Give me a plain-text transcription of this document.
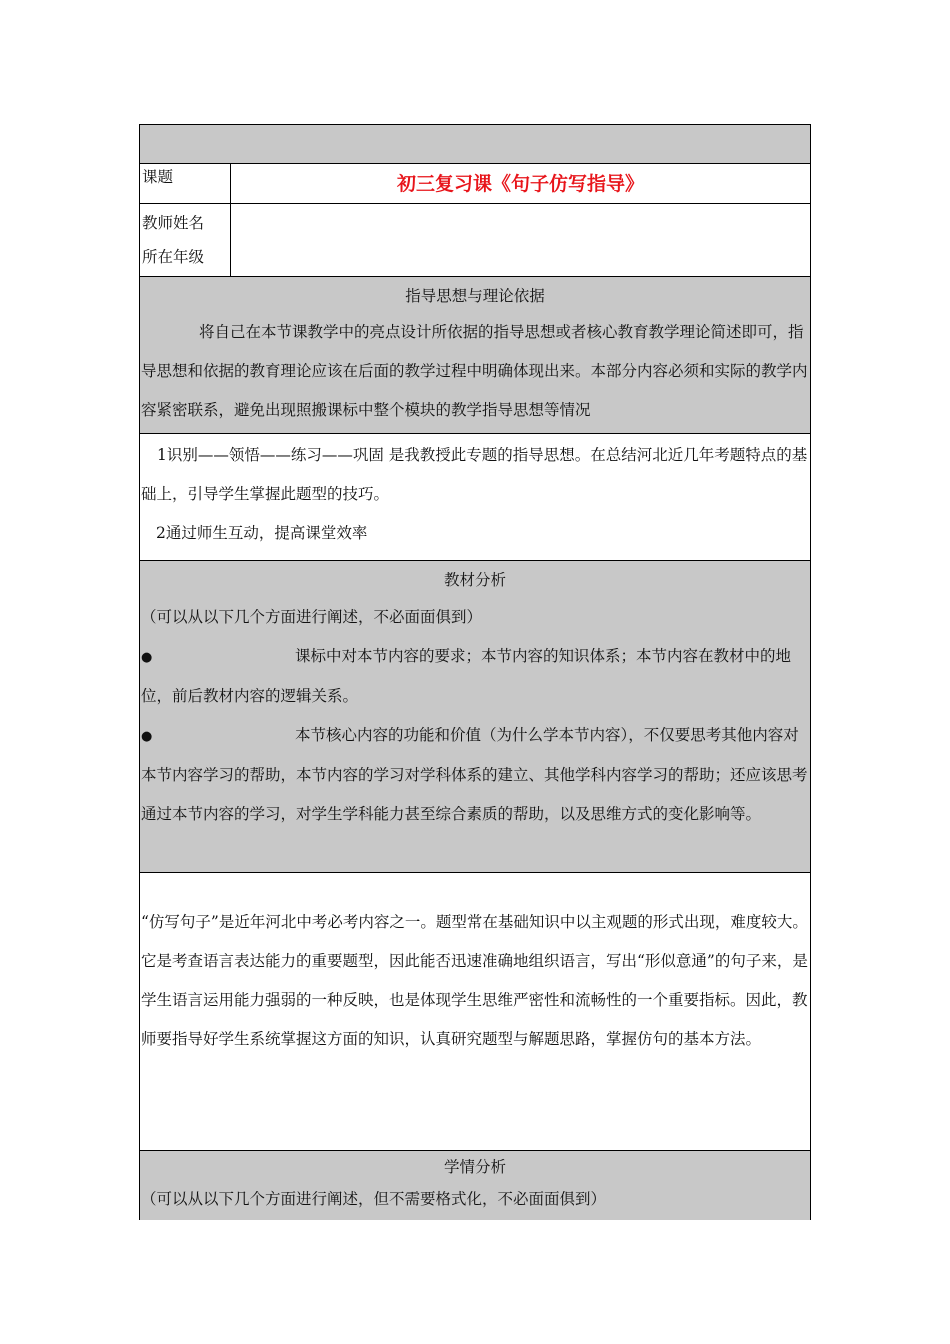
课题	初三复习课《句子仿写指导》
教师姓名
所在年级
指导思想与理论依据
将自己在本节课教学中的亮点设计所依据的指导思想或者核心教育教学理论简述即可，指导思想和依据的教育理论应该在后面的教学过程中明确体现出来。本部分内容必须和实际的教学内容紧密联系，避免出现照搬课标中整个模块的教学指导思想等情况
1识别——领悟——练习——巩固 是我教授此专题的指导思想。在总结河北近几年考题特点的基础上，引导学生掌握此题型的技巧。
2通过师生互动，提高课堂效率
教材分析
（可以从以下几个方面进行阐述，不必面面俱到）
●	课标中对本节内容的要求；本节内容的知识体系；本节内容在教材中的地位，前后教材内容的逻辑关系。
●	本节核心内容的功能和价值（为什么学本节内容），不仅要思考其他内容对本节内容学习的帮助，本节内容的学习对学科体系的建立、其他学科内容学习的帮助；还应该思考通过本节内容的学习，对学生学科能力甚至综合素质的帮助，以及思维方式的变化影响等。
“仿写句子”是近年河北中考必考内容之一。题型常在基础知识中以主观题的形式出现，难度较大。它是考查语言表达能力的重要题型，因此能否迅速准确地组织语言，写出“形似意通”的句子来，是学生语言运用能力强弱的一种反映，也是体现学生思维严密性和流畅性的一个重要指标。因此，教师要指导好学生系统掌握这方面的知识，认真研究题型与解题思路，掌握仿句的基本方法。
学情分析
（可以从以下几个方面进行阐述，但不需要格式化，不必面面俱到）
